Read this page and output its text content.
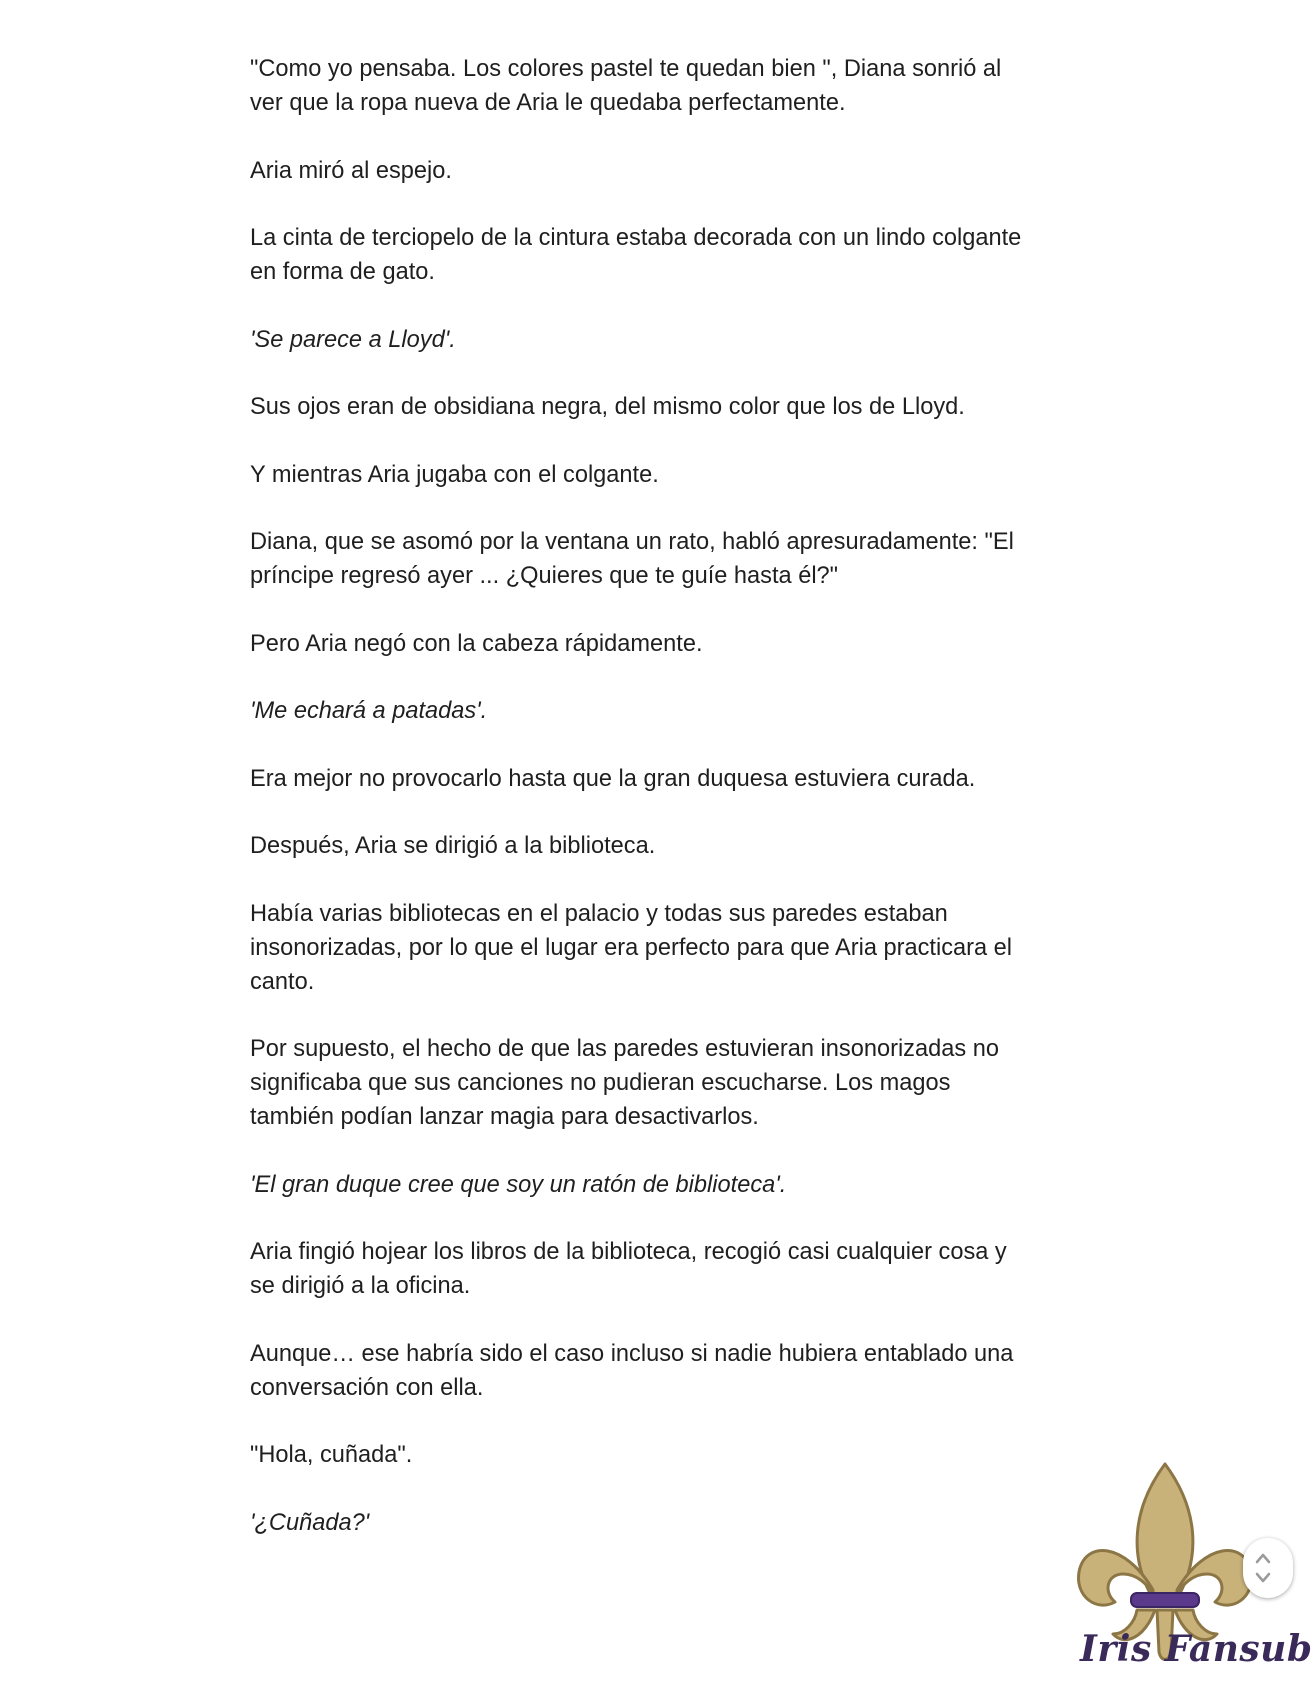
"Como yo pensaba. Los colores pastel te quedan bien ", Diana sonrió al ver que la ropa nueva de Aria le quedaba perfectamente.

Aria miró al espejo.

La cinta de terciopelo de la cintura estaba decorada con un lindo colgante en forma de gato.

'Se parece a Lloyd'.

Sus ojos eran de obsidiana negra, del mismo color que los de Lloyd.

Y mientras Aria jugaba con el colgante.

Diana, que se asomó por la ventana un rato, habló apresuradamente: "El príncipe regresó ayer ... ¿Quieres que te guíe hasta él?"

Pero Aria negó con la cabeza rápidamente.

'Me echará a patadas'.

Era mejor no provocarlo hasta que la gran duquesa estuviera curada.

Después, Aria se dirigió a la biblioteca.

Había varias bibliotecas en el palacio y todas sus paredes estaban insonorizadas, por lo que el lugar era perfecto para que Aria practicara el canto.

Por supuesto, el hecho de que las paredes estuvieran insonorizadas no significaba que sus canciones no pudieran escucharse. Los magos también podían lanzar magia para desactivarlos.

'El gran duque cree que soy un ratón de biblioteca'.

Aria fingió hojear los libros de la biblioteca, recogió casi cualquier cosa y se dirigió a la oficina.

Aunque… ese habría sido el caso incluso si nadie hubiera entablado una conversación con ella.

"Hola, cuñada".

'¿Cuñada?'

Iris Fansub
